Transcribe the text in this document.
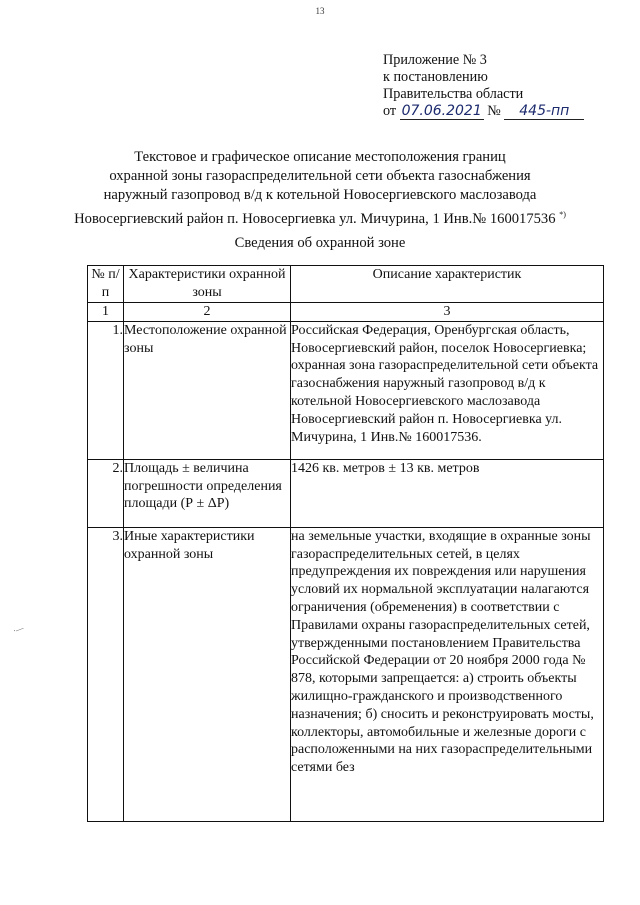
13
Приложение № 3
к постановлению
Правительства области
от 07.06.2021 № 445-пп
Текстовое и графическое описание местоположения границ
охранной зоны газораспределительной сети объекта газоснабжения
наружный газопровод в/д к котельной Новосергиевского маслозавода
Новосергиевский район п. Новосергиевка ул. Мичурина, 1 Инв.№ 160017536 *)
Сведения об охранной зоне
№ п/п	Характеристики охранной зоны	Описание характеристик
1	2	3
1.	Местоположение охранной зоны	Российская Федерация, Оренбургская область, Новосергиевский район, поселок Новосергиевка; охранная зона газораспределительной сети объекта газоснабжения наружный газопровод в/д к котельной Новосергиевского маслозавода Новосергиевский район п. Новосергиевка ул. Мичурина, 1 Инв.№ 160017536.
2.	Площадь ± величина погрешности определения площади (Р ± ΔР)	1426 кв. метров ± 13 кв. метров
3.	Иные характеристики охранной зоны	на земельные участки, входящие в охранные зоны газораспределительных сетей, в целях предупреждения их повреждения или нарушения условий их нормальной эксплуатации налагаются ограничения (обременения) в соответствии с Правилами охраны газораспределительных сетей, утвержденными постановлением Правительства Российской Федерации от 20 ноября 2000 года № 878, которыми запрещается: а) строить объекты жилищно-гражданского и производственного назначения; б) сносить и реконструировать мосты, коллекторы, автомобильные и железные дороги с расположенными на них газораспределительными сетями без
·—
